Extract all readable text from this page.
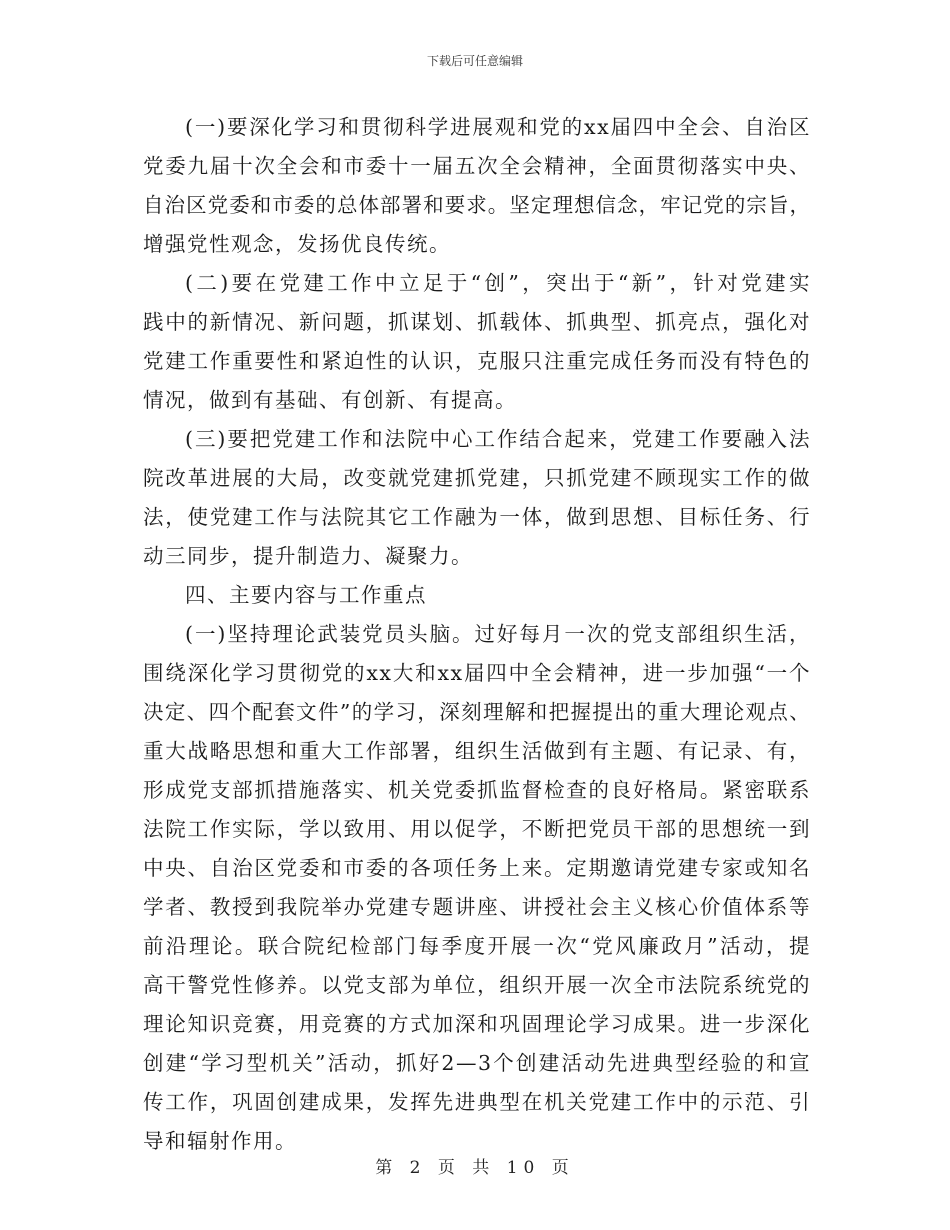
下载后可任意编辑
(一)要深化学习和贯彻科学进展观和党的xx届四中全会、自治区
党委九届十次全会和市委十一届五次全会精神，全面贯彻落实中央、
自治区党委和市委的总体部署和要求。坚定理想信念，牢记党的宗旨，
增强党性观念，发扬优良传统。
(二)要在党建工作中立足于“创”，突出于“新”，针对党建实
践中的新情况、新问题，抓谋划、抓载体、抓典型、抓亮点，强化对
党建工作重要性和紧迫性的认识，克服只注重完成任务而没有特色的
情况，做到有基础、有创新、有提高。
(三)要把党建工作和法院中心工作结合起来，党建工作要融入法
院改革进展的大局，改变就党建抓党建，只抓党建不顾现实工作的做
法，使党建工作与法院其它工作融为一体，做到思想、目标任务、行
动三同步，提升制造力、凝聚力。
四、主要内容与工作重点
(一)坚持理论武装党员头脑。过好每月一次的党支部组织生活，
围绕深化学习贯彻党的xx大和xx届四中全会精神，进一步加强“一个
决定、四个配套文件”的学习，深刻理解和把握提出的重大理论观点、
重大战略思想和重大工作部署，组织生活做到有主题、有记录、有，
形成党支部抓措施落实、机关党委抓监督检查的良好格局。紧密联系
法院工作实际，学以致用、用以促学，不断把党员干部的思想统一到
中央、自治区党委和市委的各项任务上来。定期邀请党建专家或知名
学者、教授到我院举办党建专题讲座、讲授社会主义核心价值体系等
前沿理论。联合院纪检部门每季度开展一次“党风廉政月”活动，提
高干警党性修养。以党支部为单位，组织开展一次全市法院系统党的
理论知识竞赛，用竞赛的方式加深和巩固理论学习成果。进一步深化
创建“学习型机关”活动，抓好2—3个创建活动先进典型经验的和宣
传工作，巩固创建成果，发挥先进典型在机关党建工作中的示范、引
导和辐射作用。
第 2 页 共 10 页
